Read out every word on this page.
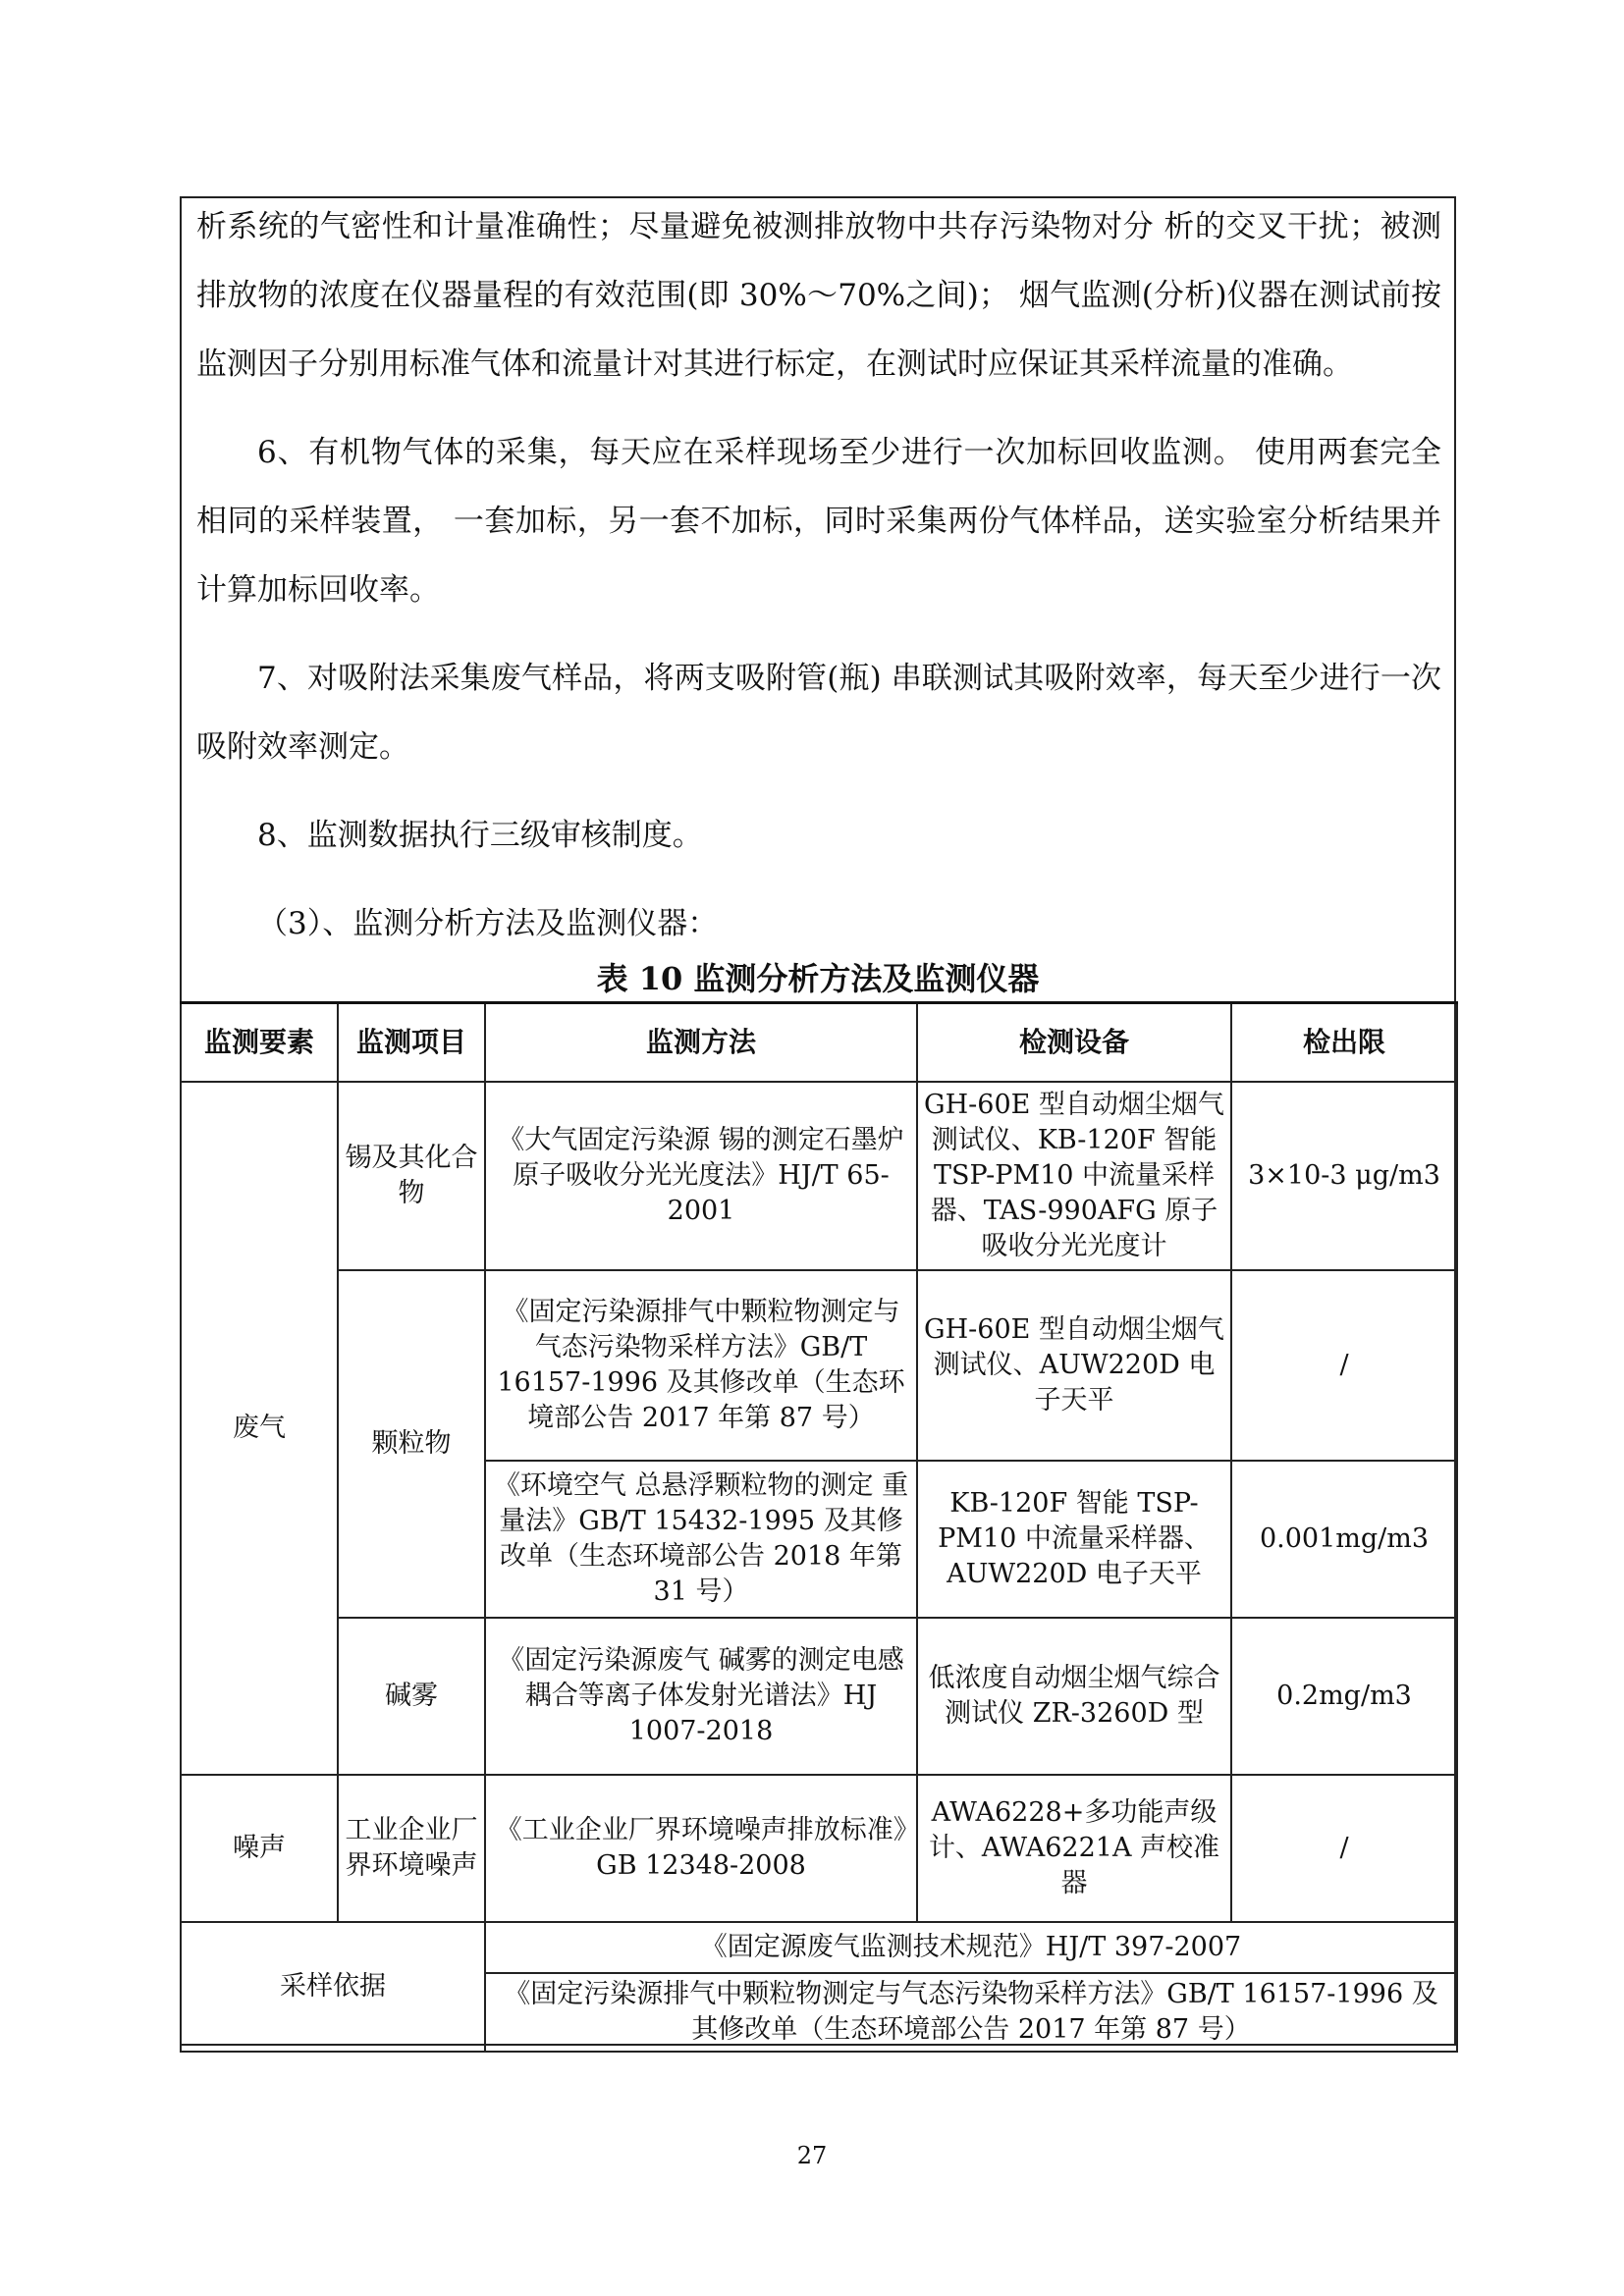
析系统的气密性和计量准确性；尽量避免被测排放物中共存污染物对分 析的交叉干扰；被测排放物的浓度在仪器量程的有效范围(即 30%～70%之间)； 烟气监测(分析)仪器在测试前按监测因子分别用标准气体和流量计对其进行标定，在测试时应保证其采样流量的准确。

6、有机物气体的采集，每天应在采样现场至少进行一次加标回收监测。 使用两套完全相同的采样装置， 一套加标，另一套不加标，同时采集两份气体样品，送实验室分析结果并计算加标回收率。

7、对吸附法采集废气样品，将两支吸附管(瓶) 串联测试其吸附效率，每天至少进行一次吸附效率测定。

8、监测数据执行三级审核制度。

（3）、监测分析方法及监测仪器：

表 10 监测分析方法及监测仪器
监测要素	监测项目	监测方法	检测设备	检出限
废气	锡及其化合物	《大气固定污染源 锡的测定石墨炉原子吸收分光光度法》HJ/T 65-2001	GH-60E 型自动烟尘烟气测试仪、KB-120F 智能 TSP-PM10 中流量采样器、TAS-990AFG 原子吸收分光光度计	3×10-3 μg/m3
	颗粒物	《固定污染源排气中颗粒物测定与气态污染物采样方法》GB/T 16157-1996 及其修改单（生态环境部公告 2017 年第 87 号）	GH-60E 型自动烟尘烟气测试仪、AUW220D 电子天平	/
		《环境空气 总悬浮颗粒物的测定 重量法》GB/T 15432-1995 及其修改单（生态环境部公告 2018 年第 31 号）	KB-120F 智能 TSP-PM10 中流量采样器、AUW220D 电子天平	0.001mg/m3
	碱雾	《固定污染源废气 碱雾的测定电感耦合等离子体发射光谱法》HJ 1007-2018	低浓度自动烟尘烟气综合测试仪 ZR-3260D 型	0.2mg/m3
噪声	工业企业厂界环境噪声	《工业企业厂界环境噪声排放标准》GB 12348-2008	AWA6228+多功能声级计、AWA6221A 声校准器	/
采样依据		《固定源废气监测技术规范》HJ/T 397-2007		
		《固定污染源排气中颗粒物测定与气态污染物采样方法》GB/T 16157-1996 及其修改单（生态环境部公告 2017 年第 87 号）		
27
